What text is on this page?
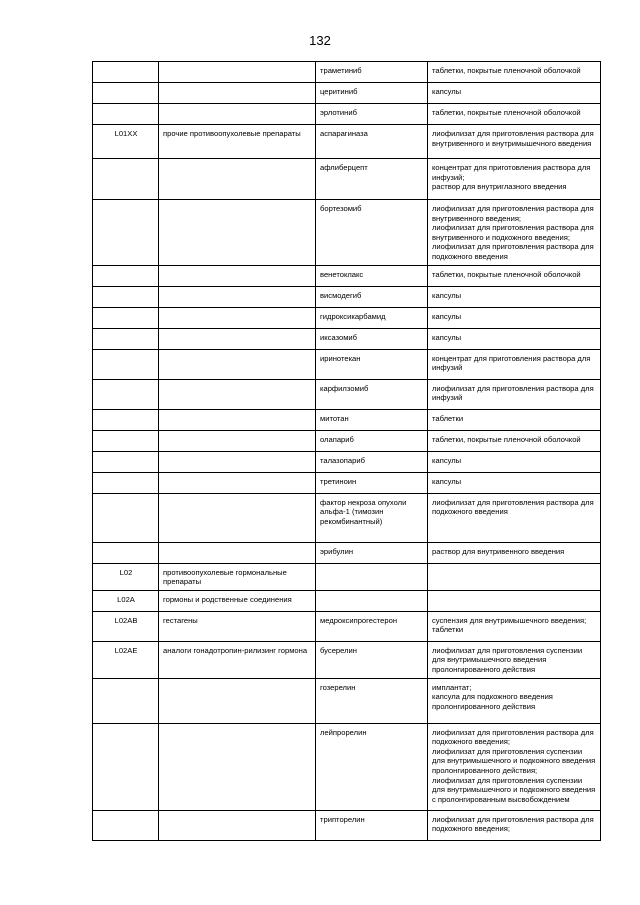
132
		траметиниб	таблетки, покрытые пленочной оболочкой

		церитиниб	капсулы

		эрлотиниб	таблетки, покрытые пленочной оболочкой

L01XX	прочие противоопухолевые препараты	аспарагиназа	лиофилизат для приготовления раствора для внутривенного и внутримышечного введения

		афлиберцепт	концентрат для приготовления раствора для инфузий;
раствор для внутриглазного введения

		бортезомиб	лиофилизат для приготовления раствора для внутривенного введения;
лиофилизат для приготовления раствора для внутривенного и подкожного введения;
лиофилизат для приготовления раствора для подкожного введения

		венетоклакс	таблетки, покрытые пленочной оболочкой

		висмодегиб	капсулы

		гидроксикарбамид	капсулы

		иксазомиб	капсулы

		иринотекан	концентрат для приготовления раствора для инфузий

		карфилзомиб	лиофилизат для приготовления раствора для инфузий

		митотан	таблетки

		олапариб	таблетки, покрытые пленочной оболочкой

		талазопариб	капсулы

		третиноин	капсулы

		фактор некроза опухоли альфа-1 (тимозин рекомбинантный)	лиофилизат для приготовления раствора для подкожного введения

		эрибулин	раствор для внутривенного введения

L02	противоопухолевые гормональные препараты		
L02A	гормоны и родственные соединения		
L02AB	гестагены	медроксипрогестерон	суспензия для внутримышечного введения;
таблетки

L02AE	аналоги гонадотропин-рилизинг гормона	бусерелин	лиофилизат для приготовления суспензии для внутримышечного введения пролонгированного действия

		гозерелин	имплантат;
капсула для подкожного введения пролонгированного действия

		лейпрорелин	лиофилизат для приготовления раствора для подкожного введения;
лиофилизат для приготовления суспензии для внутримышечного и подкожного введения пролонгированного действия;
лиофилизат для приготовления суспензии для внутримышечного и подкожного введения с пролонгированным высвобождением

		трипторелин	лиофилизат для приготовления раствора для подкожного введения;
